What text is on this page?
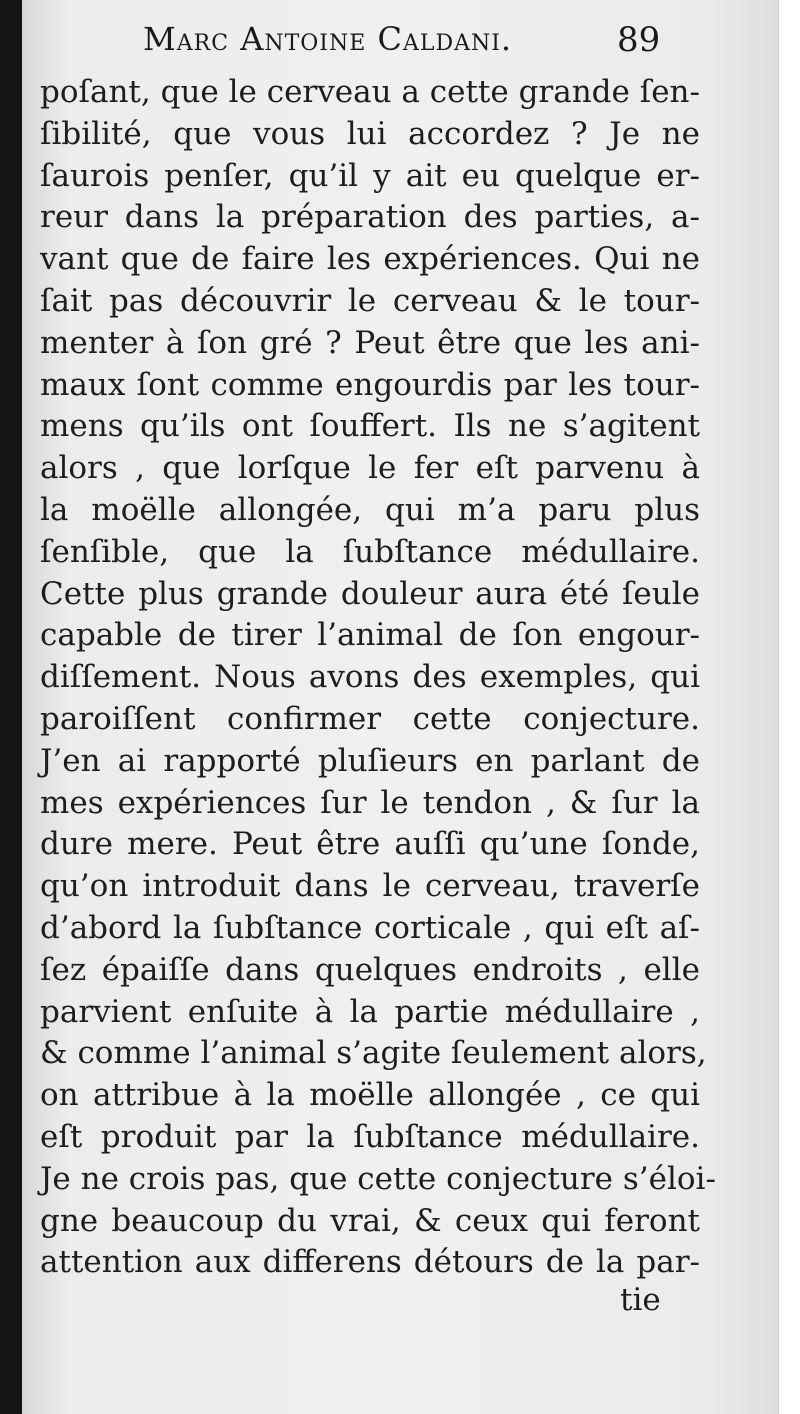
Marc Antoine Caldani.	89
poſant, que le cerveau a cette grande ſen-
ſibilité, que vous lui accordez ? Je ne
ſaurois penſer, qu’il y ait eu quelque er-
reur dans la préparation des parties, a-
vant que de faire les expériences. Qui ne
ſait pas découvrir le cerveau & le tour-
menter à ſon gré ? Peut être que les ani-
maux ſont comme engourdis par les tour-
mens qu’ils ont ſouffert. Ils ne s’agitent
alors , que lorſque le fer eſt parvenu à
la moëlle allongée, qui m’a paru plus
ſenſible, que la ſubſtance médullaire.
Cette plus grande douleur aura été ſeule
capable de tirer l’animal de ſon engour-
diſſement. Nous avons des exemples, qui
paroiſſent confirmer cette conjecture.
J’en ai rapporté pluſieurs en parlant de
mes expériences ſur le tendon , & ſur la
dure mere. Peut être auſſi qu’une ſonde,
qu’on introduit dans le cerveau, traverſe
d’abord la ſubſtance corticale , qui eſt aſ-
ſez épaiſſe dans quelques endroits , elle
parvient enſuite à la partie médullaire ,
& comme l’animal s’agite ſeulement alors,
on attribue à la moëlle allongée , ce qui
eſt produit par la ſubſtance médullaire.
Je ne crois pas, que cette conjecture s’éloi-
gne beaucoup du vrai, & ceux qui feront
attention aux differens détours de la par-
tie
